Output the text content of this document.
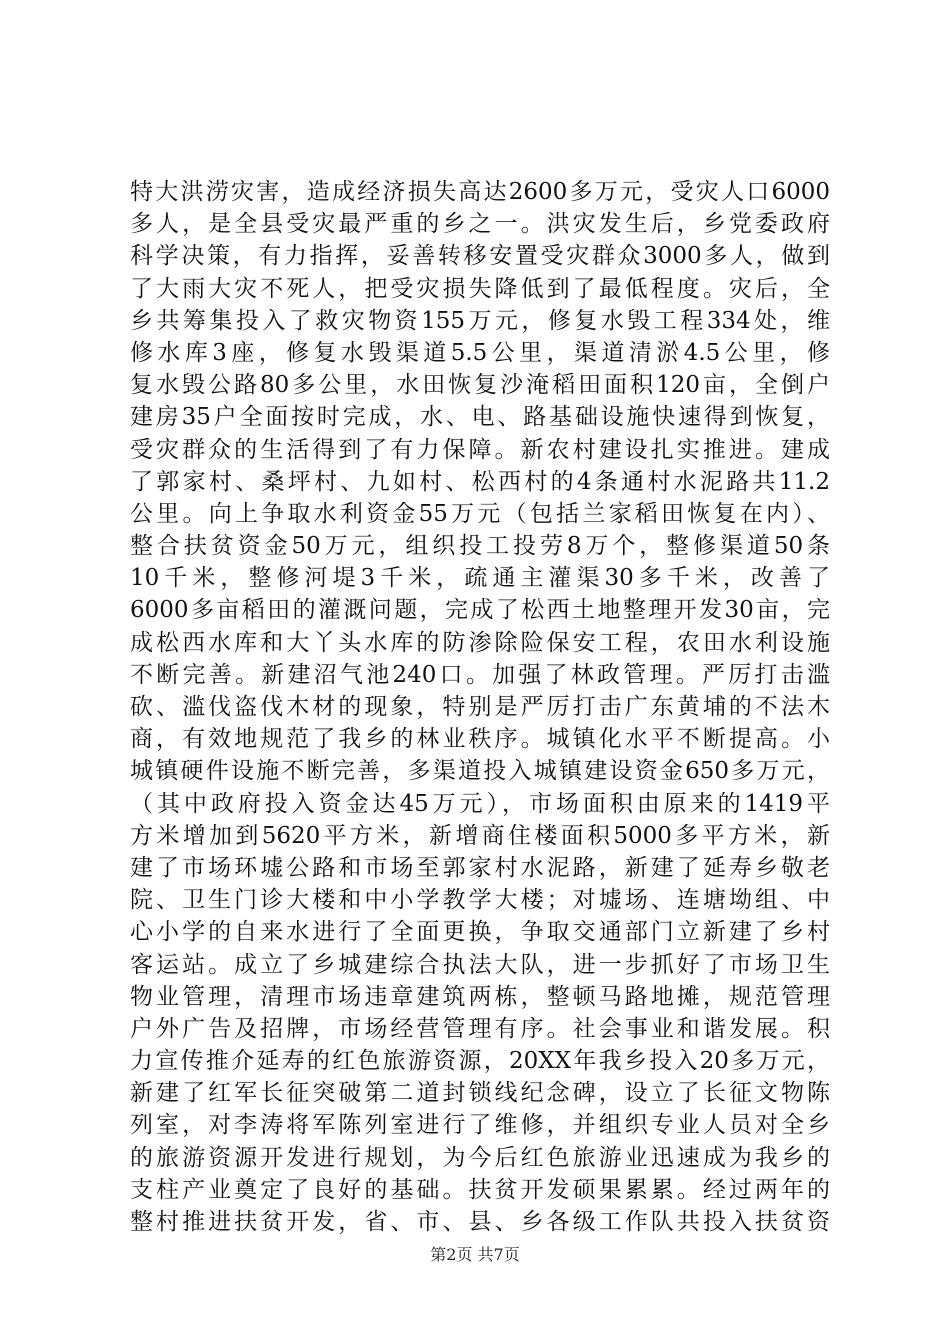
特大洪涝灾害，造成经济损失高达2600多万元，受灾人口6000
多人，是全县受灾最严重的乡之一。洪灾发生后，乡党委政府
科学决策，有力指挥，妥善转移安置受灾群众3000多人，做到
了大雨大灾不死人，把受灾损失降低到了最低程度。灾后，全
乡共筹集投入了救灾物资155万元，修复水毁工程334处，维
修水库3座，修复水毁渠道5.5公里，渠道清淤4.5公里，修
复水毁公路80多公里，水田恢复沙淹稻田面积120亩，全倒户
建房35户全面按时完成，水、电、路基础设施快速得到恢复，
受灾群众的生活得到了有力保障。新农村建设扎实推进。建成
了郭家村、桑坪村、九如村、松西村的4条通村水泥路共11.2
公里。向上争取水利资金55万元（包括兰家稻田恢复在内）、
整合扶贫资金50万元，组织投工投劳8万个，整修渠道50条
10千米，整修河堤3千米，疏通主灌渠30多千米，改善了
6000多亩稻田的灌溉问题，完成了松西土地整理开发30亩，完
成松西水库和大丫头水库的防渗除险保安工程，农田水利设施
不断完善。新建沼气池240口。加强了林政管理。严厉打击滥
砍、滥伐盗伐木材的现象，特别是严厉打击广东黄埔的不法木
商，有效地规范了我乡的林业秩序。城镇化水平不断提高。小
城镇硬件设施不断完善，多渠道投入城镇建设资金650多万元，
（其中政府投入资金达45万元），市场面积由原来的1419平
方米增加到5620平方米，新增商住楼面积5000多平方米，新
建了市场环墟公路和市场至郭家村水泥路，新建了延寿乡敬老
院、卫生门诊大楼和中小学教学大楼；对墟场、连塘坳组、中
心小学的自来水进行了全面更换，争取交通部门立新建了乡村
客运站。成立了乡城建综合执法大队，进一步抓好了市场卫生
物业管理，清理市场违章建筑两栋，整顿马路地摊，规范管理
户外广告及招牌，市场经营管理有序。社会事业和谐发展。积
力宣传推介延寿的红色旅游资源，20XX年我乡投入20多万元，
新建了红军长征突破第二道封锁线纪念碑，设立了长征文物陈
列室，对李涛将军陈列室进行了维修，并组织专业人员对全乡
的旅游资源开发进行规划，为今后红色旅游业迅速成为我乡的
支柱产业奠定了良好的基础。扶贫开发硕果累累。经过两年的
整村推进扶贫开发，省、市、县、乡各级工作队共投入扶贫资
第2页 共7页
